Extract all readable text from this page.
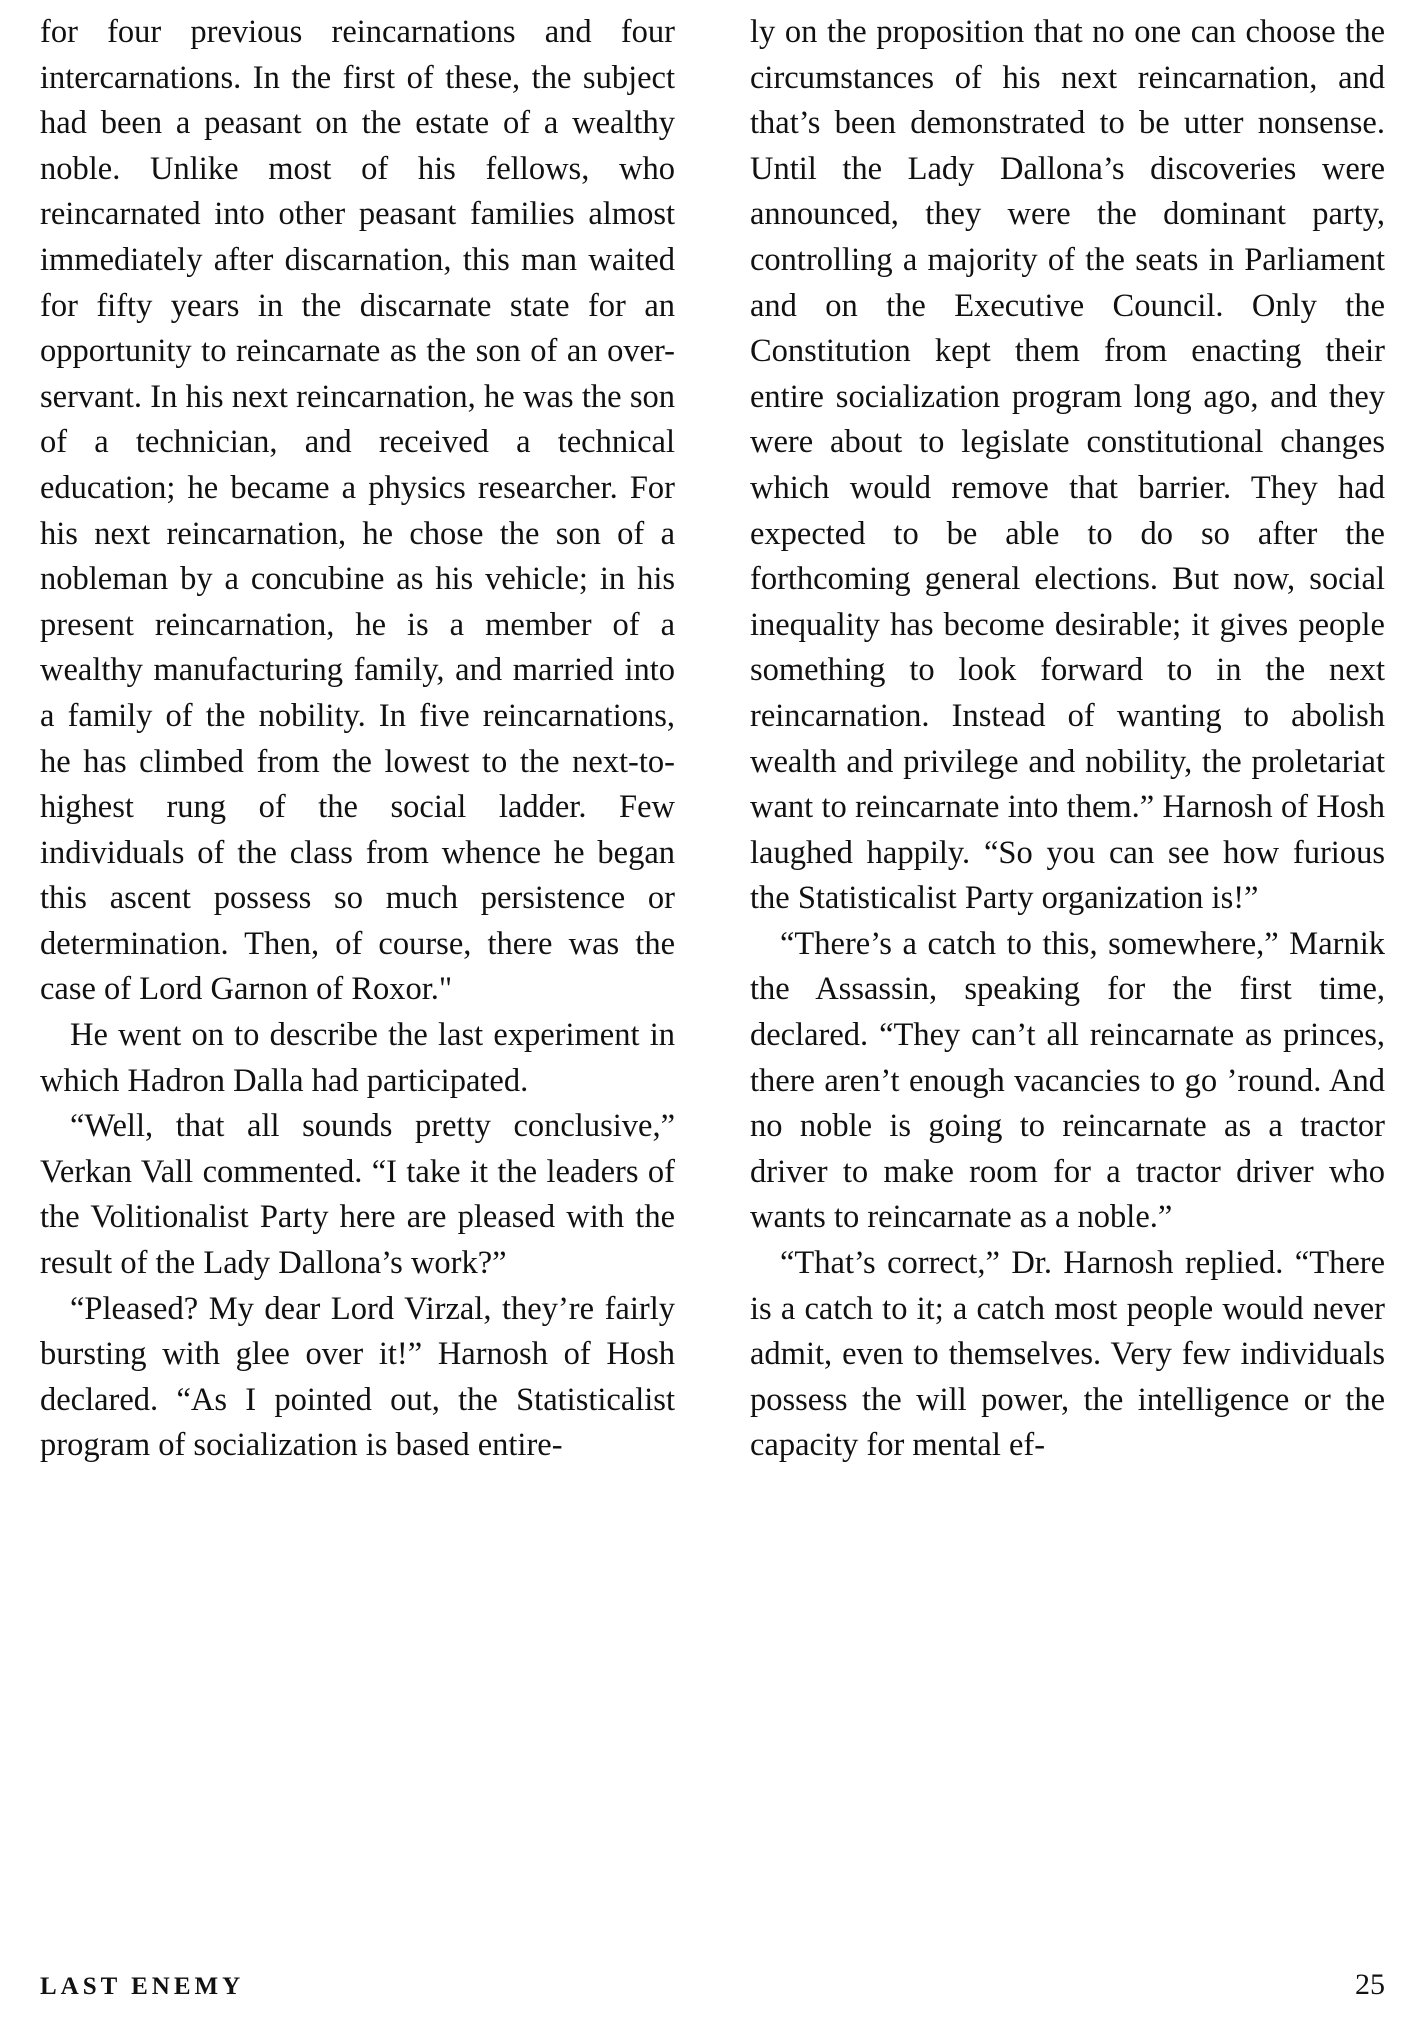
for four previous reincarnations and four intercarnations. In the first of these, the subject had been a peasant on the estate of a wealthy noble. Unlike most of his fellows, who reincarnated into other peasant families almost immediately after discarnation, this man waited for fifty years in the discarnate state for an opportunity to reincarnate as the son of an over-servant. In his next reincarnation, he was the son of a technician, and received a technical education; he became a physics researcher. For his next reincarnation, he chose the son of a nobleman by a concubine as his vehicle; in his present reincarnation, he is a member of a wealthy manufacturing family, and married into a family of the nobility. In five reincarnations, he has climbed from the lowest to the next-to-highest rung of the social ladder. Few individuals of the class from whence he began this ascent possess so much persistence or determination. Then, of course, there was the case of Lord Garnon of Roxor."

He went on to describe the last experiment in which Hadron Dalla had participated.

“Well, that all sounds pretty conclusive,” Verkan Vall commented. “I take it the leaders of the Volitionalist Party here are pleased with the result of the Lady Dallona’s work?”

“Pleased? My dear Lord Virzal, they’re fairly bursting with glee over it!” Harnosh of Hosh declared. “As I pointed out, the Statisticalist program of socialization is based entire-

ly on the proposition that no one can choose the circumstances of his next reincarnation, and that’s been demonstrated to be utter nonsense. Until the Lady Dallona’s discoveries were announced, they were the dominant party, controlling a majority of the seats in Parliament and on the Executive Council. Only the Constitution kept them from enacting their entire socialization program long ago, and they were about to legislate constitutional changes which would remove that barrier. They had expected to be able to do so after the forthcoming general elections. But now, social inequality has become desirable; it gives people something to look forward to in the next reincarnation. Instead of wanting to abolish wealth and privilege and nobility, the proletariat want to reincarnate into them.” Harnosh of Hosh laughed happily. “So you can see how furious the Statisticalist Party organization is!”

“There’s a catch to this, somewhere,” Marnik the Assassin, speaking for the first time, declared. “They can’t all reincarnate as princes, there aren’t enough vacancies to go ’round. And no noble is going to reincarnate as a tractor driver to make room for a tractor driver who wants to reincarnate as a noble.”

“That’s correct,” Dr. Harnosh replied. “There is a catch to it; a catch most people would never admit, even to themselves. Very few individuals possess the will power, the intelligence or the capacity for mental ef-

LAST ENEMY	25
